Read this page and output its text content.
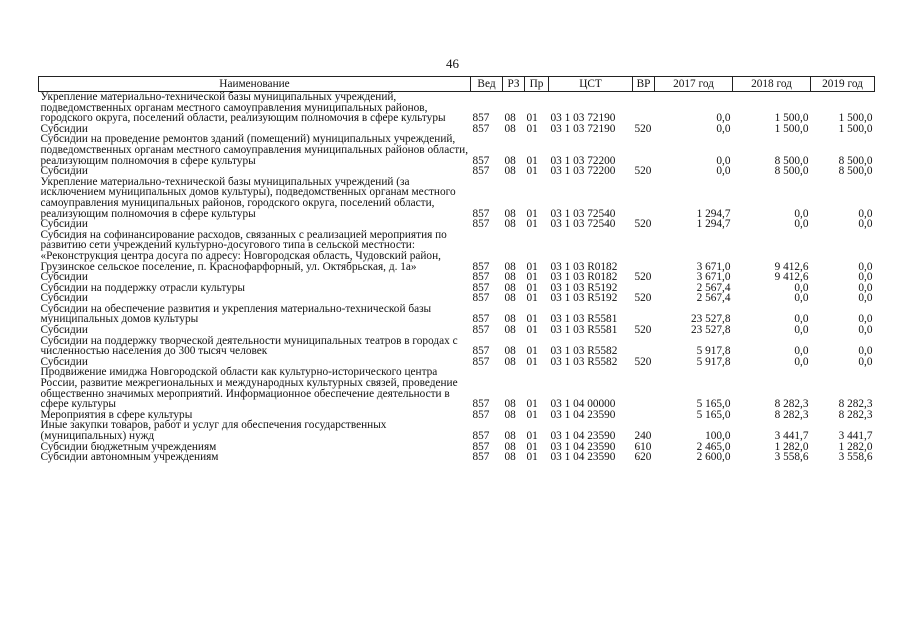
46
Наименование	Вед	РЗ	Пр	ЦСТ	ВР	2017 год	2018 год	2019 год
Укрепление материально-технической базы муниципальных учреждений, подведомственных органам местного самоуправления муниципальных районов, городского округа, поселений области, реализующим полномочия в сфере культуры	857	08	01	03 1 03 72190		0,0	1 500,0	1 500,0
Субсидии	857	08	01	03 1 03 72190	520	0,0	1 500,0	1 500,0
Субсидии на проведение ремонтов зданий (помещений) муниципальных учреждений, подведомственных органам местного самоуправления муниципальных районов области, реализующим полномочия в сфере культуры	857	08	01	03 1 03 72200		0,0	8 500,0	8 500,0
Субсидии	857	08	01	03 1 03 72200	520	0,0	8 500,0	8 500,0
Укрепление материально-технической базы муниципальных учреждений (за исключением муниципальных домов культуры), подведомственных органам местного самоуправления муниципальных районов, городского округа, поселений области, реализующим полномочия в сфере культуры	857	08	01	03 1 03 72540		1 294,7	0,0	0,0
Субсидии	857	08	01	03 1 03 72540	520	1 294,7	0,0	0,0
Субсидия на софинансирование расходов, связанных с реализацией мероприятия по развитию сети учреждений культурно-досугового типа в сельской местности: «Реконструкция центра досуга по адресу: Новгородская область, Чудовский район, Грузинское сельское поселение, п. Краснофарфорный, ул. Октябрьская, д. 1а»	857	08	01	03 1 03 R0182		3 671,0	9 412,6	0,0
Субсидии	857	08	01	03 1 03 R0182	520	3 671,0	9 412,6	0,0
Субсидии на поддержку отрасли культуры	857	08	01	03 1 03 R5192		2 567,4	0,0	0,0
Субсидии	857	08	01	03 1 03 R5192	520	2 567,4	0,0	0,0
Субсидии на обеспечение развития и укрепления материально-технической базы муниципальных домов культуры	857	08	01	03 1 03 R5581		23 527,8	0,0	0,0
Субсидии	857	08	01	03 1 03 R5581	520	23 527,8	0,0	0,0
Субсидии на поддержку творческой деятельности муниципальных театров в городах с численностью населения до 300 тысяч человек	857	08	01	03 1 03 R5582		5 917,8	0,0	0,0
Субсидии	857	08	01	03 1 03 R5582	520	5 917,8	0,0	0,0
Продвижение имиджа Новгородской области как культурно-исторического центра России, развитие межрегиональных и международных культурных связей, проведение общественно значимых мероприятий. Информационное обеспечение деятельности в сфере культуры	857	08	01	03 1 04 00000		5 165,0	8 282,3	8 282,3
Мероприятия в сфере культуры	857	08	01	03 1 04 23590		5 165,0	8 282,3	8 282,3
Иные закупки товаров, работ и услуг для обеспечения государственных (муниципальных) нужд	857	08	01	03 1 04 23590	240	100,0	3 441,7	3 441,7
Субсидии бюджетным учреждениям	857	08	01	03 1 04 23590	610	2 465,0	1 282,0	1 282,0
Субсидии автономным учреждениям	857	08	01	03 1 04 23590	620	2 600,0	3 558,6	3 558,6
